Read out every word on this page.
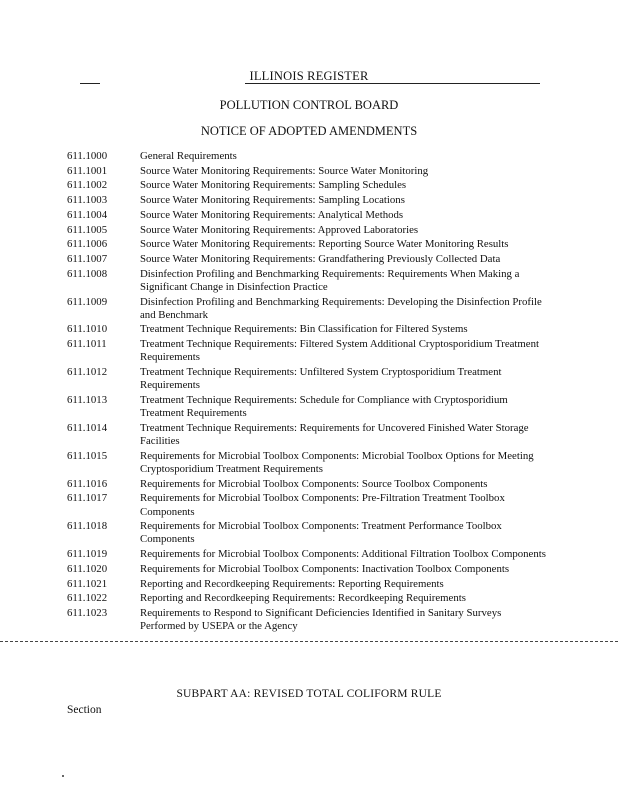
ILLINOIS REGISTER
POLLUTION CONTROL BOARD
NOTICE OF ADOPTED AMENDMENTS
611.1000	General Requirements
611.1001	Source Water Monitoring Requirements: Source Water Monitoring
611.1002	Source Water Monitoring Requirements: Sampling Schedules
611.1003	Source Water Monitoring Requirements: Sampling Locations
611.1004	Source Water Monitoring Requirements: Analytical Methods
611.1005	Source Water Monitoring Requirements: Approved Laboratories
611.1006	Source Water Monitoring Requirements: Reporting Source Water Monitoring Results
611.1007	Source Water Monitoring Requirements: Grandfathering Previously Collected Data
611.1008	Disinfection Profiling and Benchmarking Requirements: Requirements When Making a Significant Change in Disinfection Practice
611.1009	Disinfection Profiling and Benchmarking Requirements: Developing the Disinfection Profile and Benchmark
611.1010	Treatment Technique Requirements: Bin Classification for Filtered Systems
611.1011	Treatment Technique Requirements: Filtered System Additional Cryptosporidium Treatment Requirements
611.1012	Treatment Technique Requirements: Unfiltered System Cryptosporidium Treatment Requirements
611.1013	Treatment Technique Requirements: Schedule for Compliance with Cryptosporidium Treatment Requirements
611.1014	Treatment Technique Requirements: Requirements for Uncovered Finished Water Storage Facilities
611.1015	Requirements for Microbial Toolbox Components: Microbial Toolbox Options for Meeting Cryptosporidium Treatment Requirements
611.1016	Requirements for Microbial Toolbox Components: Source Toolbox Components
611.1017	Requirements for Microbial Toolbox Components: Pre-Filtration Treatment Toolbox Components
611.1018	Requirements for Microbial Toolbox Components: Treatment Performance Toolbox Components
611.1019	Requirements for Microbial Toolbox Components: Additional Filtration Toolbox Components
611.1020	Requirements for Microbial Toolbox Components: Inactivation Toolbox Components
611.1021	Reporting and Recordkeeping Requirements: Reporting Requirements
611.1022	Reporting and Recordkeeping Requirements: Recordkeeping Requirements
611.1023	Requirements to Respond to Significant Deficiencies Identified in Sanitary Surveys Performed by USEPA or the Agency
SUBPART AA: REVISED TOTAL COLIFORM RULE
Section
